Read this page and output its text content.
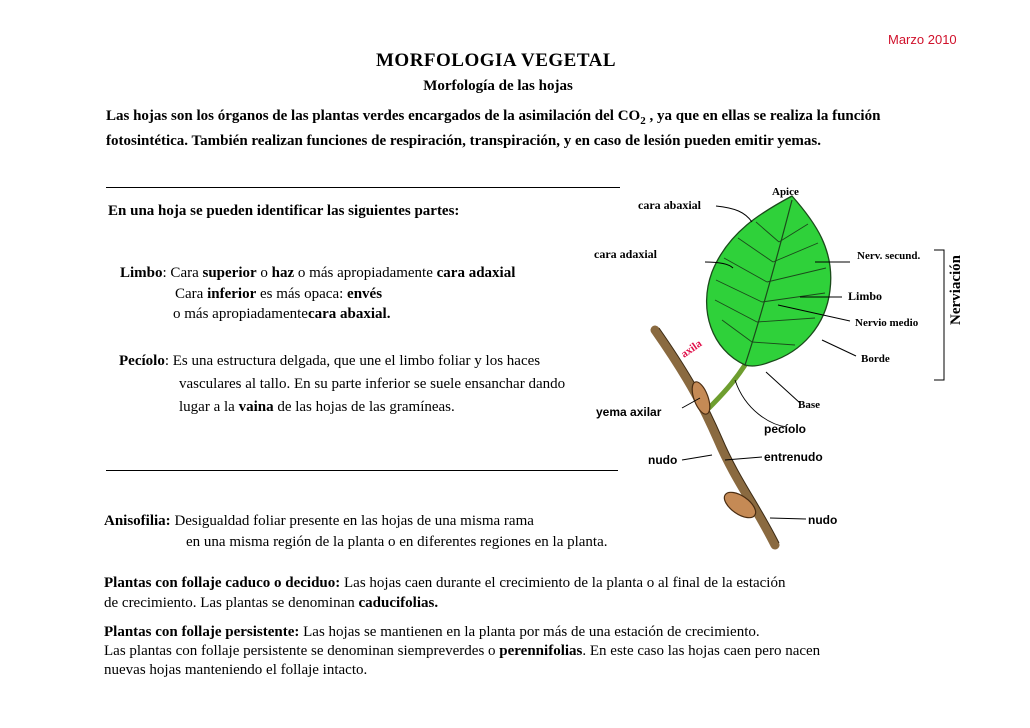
Marzo 2010
MORFOLOGIA VEGETAL
Morfología de las hojas
Las hojas son los órganos de las plantas verdes encargados de la asimilación del $CO_2$ , ya que en ellas se realiza la función fotosintética. También realizan funciones de respiración, transpiración, y en caso de lesión pueden emitir yemas.
En una hoja se pueden identificar las siguientes partes:
Limbo: Cara superior o haz o más apropiadamente cara adaxial
Cara inferior es más opaca: envés
o más apropiadamentecara abaxial.
Pecíolo: Es una estructura delgada, que une el limbo foliar y los haces
vasculares al tallo. En su parte inferior se suele ensanchar dando
lugar a la vaina de las hojas de las gramíneas.
Anisofilia: Desigualdad foliar presente en las hojas de una misma rama
en una misma región de la planta o en diferentes regiones en la planta.
Plantas con follaje caduco o deciduo: Las hojas caen durante el crecimiento de la planta o al final de la estación
de crecimiento. Las plantas se denominan caducifolias.
Plantas con follaje persistente: Las hojas se mantienen en la planta por más de una estación de crecimiento.
Las plantas con follaje persistente se denominan siempreverdes o perennifolias. En este caso las hojas caen pero nacen
nuevas hojas manteniendo el follaje intacto.
Apice
cara abaxial
cara adaxial	Nerv. secund.
Limbo
Nervio medio Nerviación
axila	Borde
Base
yema axilar
pecíolo
nudo	entrenudo
nudo
